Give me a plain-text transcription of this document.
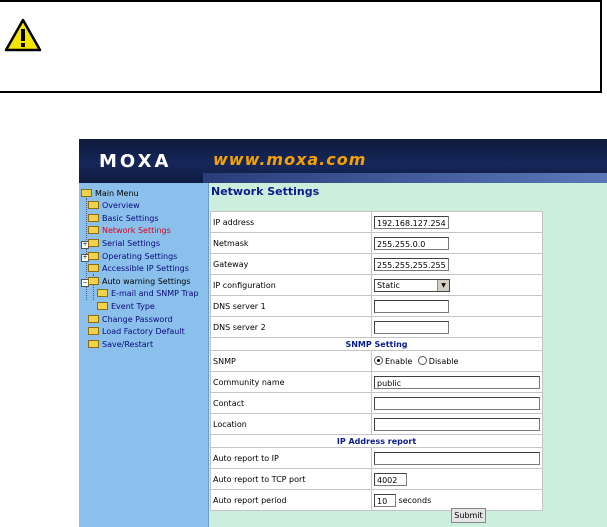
MOXA	www.moxa.com
Main Menu
Overview
Basic Settings
Network Settings
+	Serial Settings
+	Operating Settings
Accessible IP Settings
−	Auto warning Settings
E-mail and SNMP Trap
Event Type
Change Password
Load Factory Default
Save/Restart
Network Settings
IP address	192.168.127.254
Netmask	255.255.0.0
Gateway	255.255.255.255
IP configuration	Static ▼

DNS server 1	
DNS server 2	
SNMP Setting	
SNMP	Enable Disable
Community name	public
Contact	
Location	
IP Address report	
Auto report to IP	
Auto report to TCP port	4002
Auto report period	10 seconds
Submit
